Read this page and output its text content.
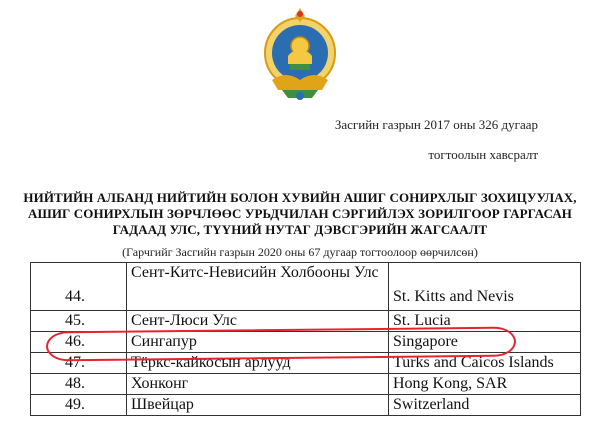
Засгийн газрын 2017 оны 326 дугаар
тогтоолын хавсралт
НИЙТИЙН АЛБАНД НИЙТИЙН БОЛОН ХУВИЙН АШИГ СОНИРХЛЫГ ЗОХИЦУУЛАХ,
АШИГ СОНИРХЛЫН ЗӨРЧЛӨӨС УРЬДЧИЛАН СЭРГИЙЛЭХ ЗОРИЛГООР ГАРГАСАН
ГАДААД УЛС, ТҮҮНИЙ НУТАГ ДЭВСГЭРИЙН ЖАГСААЛТ
(Гарчгийг Засгийн газрын 2020 оны 67 дугаар тогтоолоор өөрчилсөн)
44.	Сент-Китс-Невисийн Холбооны Улс	St. Kitts and Nevis
45.	Сент-Люси Улс	St. Lucia
46.	Сингапур	Singapore
47.	Тёркс-кайкосын арлууд	Turks and Caicos Islands
48.	Хонконг	Hong Kong, SAR
49.	Швейцар	Switzerland
